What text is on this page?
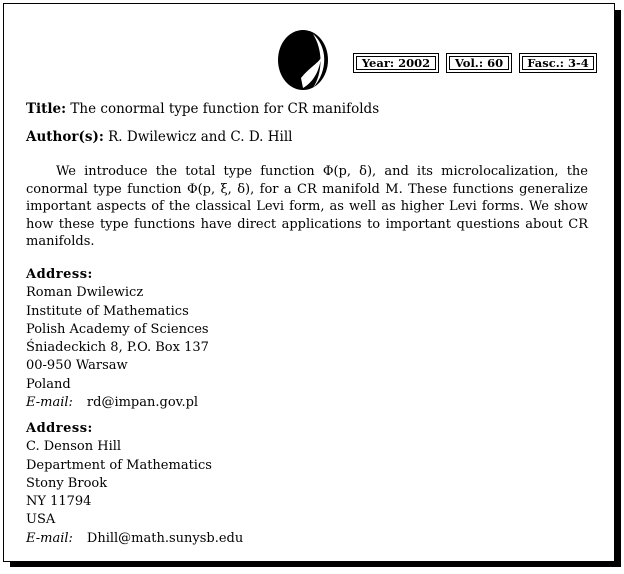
Year: 2002	Vol.: 60	Fasc.: 3-4
Title: The conormal type function for CR manifolds
Author(s): R. Dwilewicz and C. D. Hill
We introduce the total type function Φ(p, δ), and its microlocalization, the conormal type function Φ(p, ξ, δ), for a CR manifold M. These functions generalize important aspects of the classical Levi form, as well as higher Levi forms. We show how these type functions have direct applications to important questions about CR manifolds.
Address:
Roman Dwilewicz
Institute of Mathematics
Polish Academy of Sciences
Śniadeckich 8, P.O. Box 137
00-950 Warsaw
Poland
E-mail: rd@impan.gov.pl
Address:
C. Denson Hill
Department of Mathematics
Stony Brook
NY 11794
USA
E-mail: Dhill@math.sunysb.edu
